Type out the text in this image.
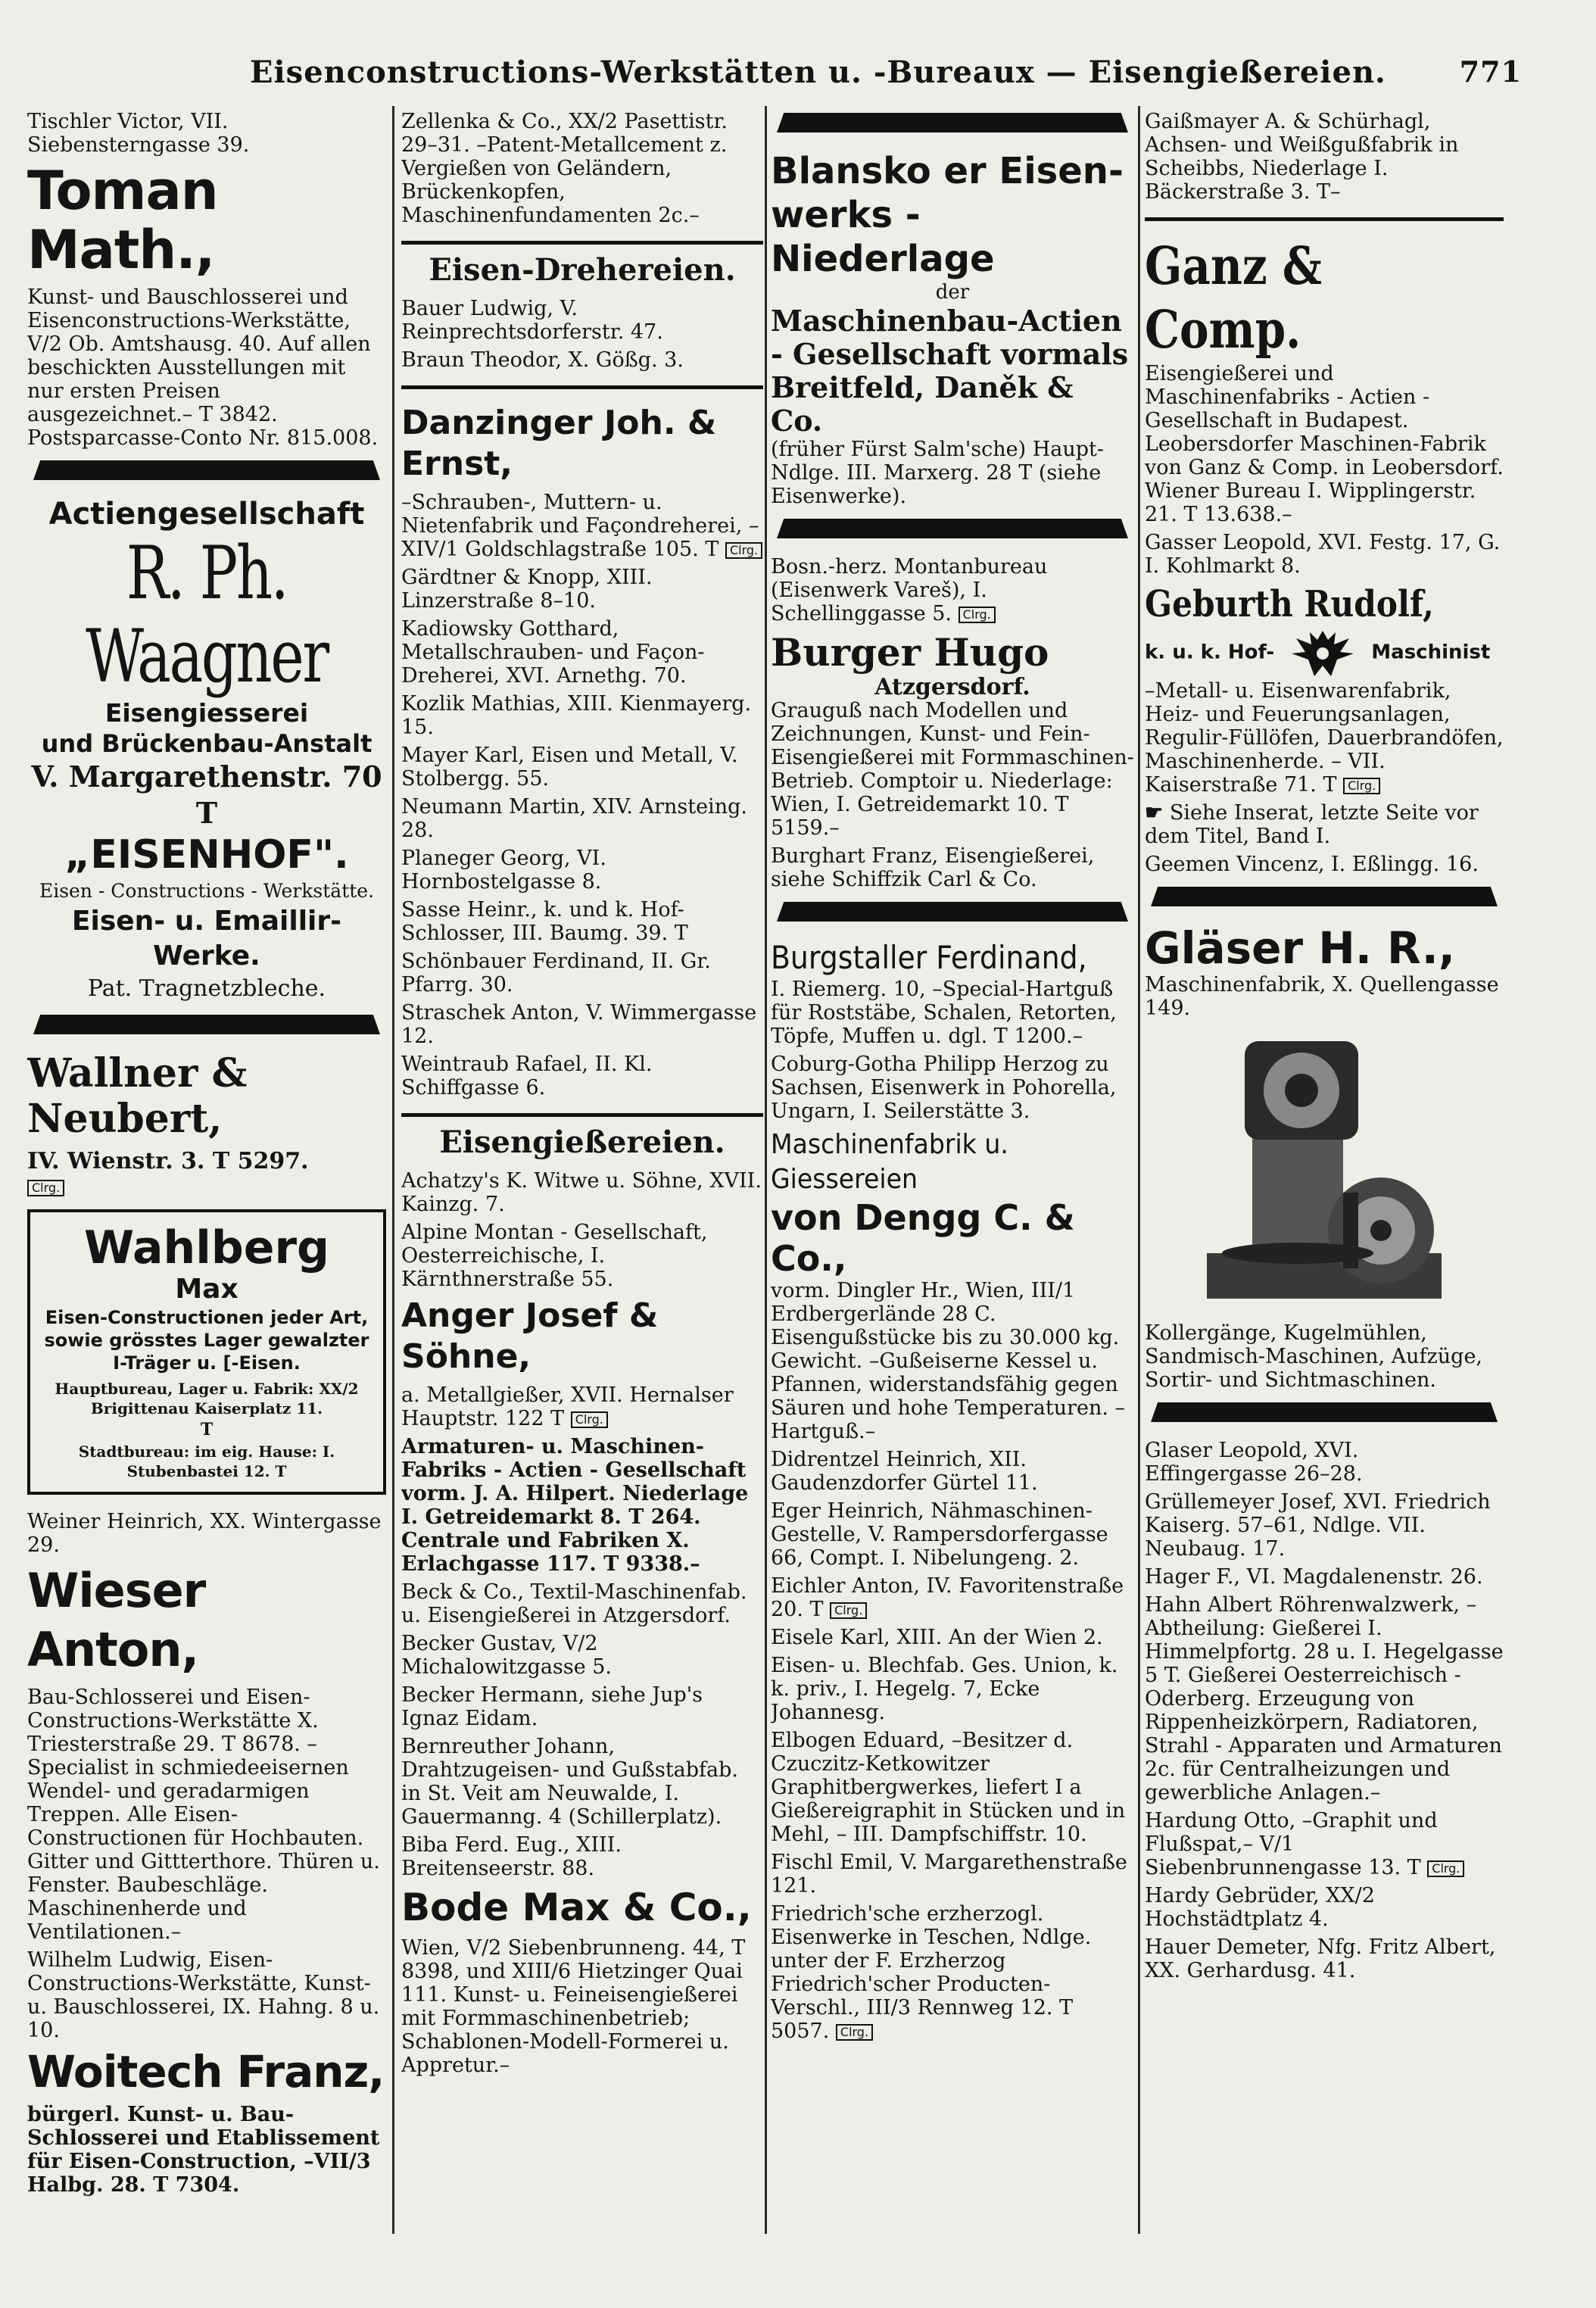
Eisenconstructions-Werkstätten u. -Bureaux — Eisengießereien.	771

Tischler Victor, VII. Siebensterngasse 39.

Toman Math.,

Kunst- und Bauschlosserei und Eisenconstructions-Werkstätte, V/2 Ob. Amtshausg. 40. Auf allen beschickten Ausstellungen mit nur ersten Preisen ausgezeichnet.– T 3842. Postsparcasse-Conto Nr. 815.008.

Actiengesellschaft
R. Ph. Waagner
Eisengiesserei
und Brückenbau-Anstalt
V. Margarethenstr. 70 T
„EISENHOF".
Eisen - Constructions - Werkstätte.
Eisen- u. Emaillir-Werke.
Pat. Tragnetzbleche.
Wallner & Neubert,
IV. Wienstr. 3. T 5297.
Clrg.
Wahlberg
Max
Eisen-Constructionen jeder Art, sowie grösstes Lager gewalzter I-Träger u. [-Eisen.
Hauptbureau, Lager u. Fabrik: XX/2 Brigittenau Kaiserplatz 11.
T
Stadtbureau: im eig. Hause: I. Stubenbastei 12. T

Weiner Heinrich, XX. Wintergasse 29.

Wieser Anton,

Bau-Schlosserei und Eisen-Constructions-Werkstätte X. Triesterstraße 29. T 8678. –Specialist in schmiedeeisernen Wendel- und geradarmigen Treppen. Alle Eisen-Constructionen für Hochbauten. Gitter und Gittterthore. Thüren u. Fenster. Baubeschläge. Maschinenherde und Ventilationen.–

Wilhelm Ludwig, Eisen-Constructions-Werkstätte, Kunst- u. Bauschlosserei, IX. Hahng. 8 u. 10.

Woitech Franz,

bürgerl. Kunst- u. Bau-Schlosserei und Etablissement für Eisen-Construction, –VII/3 Halbg. 28. T 7304.

Zellenka & Co., XX/2 Pasettistr. 29–31. –Patent-Metallcement z. Vergießen von Geländern, Brückenkopfen, Maschinenfundamenten 2c.–

Eisen-Drehereien.

Bauer Ludwig, V. Reinprechtsdorferstr. 47.

Braun Theodor, X. Gößg. 3.

Danzinger Joh. & Ernst,

–Schrauben-, Muttern- u. Nietenfabrik und Façondreherei, – XIV/1 Goldschlagstraße 105. T Clrg.

Gärdtner & Knopp, XIII. Linzerstraße 8–10.

Kadiowsky Gotthard, Metallschrauben- und Façon-Dreherei, XVI. Arnethg. 70.

Kozlik Mathias, XIII. Kienmayerg. 15.

Mayer Karl, Eisen und Metall, V. Stolbergg. 55.

Neumann Martin, XIV. Arnsteing. 28.

Planeger Georg, VI. Hornbostelgasse 8.

Sasse Heinr., k. und k. Hof-Schlosser, III. Baumg. 39. T

Schönbauer Ferdinand, II. Gr. Pfarrg. 30.

Straschek Anton, V. Wimmergasse 12.

Weintraub Rafael, II. Kl. Schiffgasse 6.

Eisengießereien.

Achatzy's K. Witwe u. Söhne, XVII. Kainzg. 7.

Alpine Montan - Gesellschaft, Oesterreichische, I. Kärnthnerstraße 55.

Anger Josef & Söhne,

a. Metallgießer, XVII. Hernalser Hauptstr. 122 T Clrg.

Armaturen- u. Maschinen-Fabriks - Actien - Gesellschaft vorm. J. A. Hilpert. Niederlage I. Getreidemarkt 8. T 264. Centrale und Fabriken X. Erlachgasse 117. T 9338.–

Beck & Co., Textil-Maschinenfab. u. Eisengießerei in Atzgersdorf.

Becker Gustav, V/2 Michalowitzgasse 5.

Becker Hermann, siehe Jup's Ignaz Eidam.

Bernreuther Johann, Drahtzugeisen- und Gußstabfab. in St. Veit am Neuwalde, I. Gauermanng. 4 (Schillerplatz).

Biba Ferd. Eug., XIII. Breitenseerstr. 88.

Bode Max & Co.,

Wien, V/2 Siebenbrunneng. 44, T 8398, und XIII/6 Hietzinger Quai 111. Kunst- u. Feineisengießerei mit Formmaschinenbetrieb; Schablonen-Modell-Formerei u. Appretur.–

Blansko er Eisen-
werks - Niederlage
der
Maschinenbau-Actien - Gesellschaft vormals Breitfeld, Daněk & Co.

(früher Fürst Salm'sche) Haupt-Ndlge. III. Marxerg. 28 T (siehe Eisenwerke).

Bosn.-herz. Montanbureau (Eisenwerk Vareš), I. Schellinggasse 5. Clrg.

Burger Hugo
Atzgersdorf.

Grauguß nach Modellen und Zeichnungen, Kunst- und Fein-Eisengießerei mit Formmaschinen-Betrieb. Comptoir u. Niederlage: Wien, I. Getreidemarkt 10. T 5159.–

Burghart Franz, Eisengießerei, siehe Schiffzik Carl & Co.

Burgstaller Ferdinand,

I. Riemerg. 10, –Special-Hartguß für Roststäbe, Schalen, Retorten, Töpfe, Muffen u. dgl. T 1200.–

Coburg-Gotha Philipp Herzog zu Sachsen, Eisenwerk in Pohorella, Ungarn, I. Seilerstätte 3.

Maschinenfabrik u. Giessereien
von Dengg C. & Co.,

vorm. Dingler Hr., Wien, III/1 Erdbergerlände 28 C. Eisengußstücke bis zu 30.000 kg. Gewicht. –Gußeiserne Kessel u. Pfannen, widerstandsfähig gegen Säuren und hohe Temperaturen. –Hartguß.–

Didrentzel Heinrich, XII. Gaudenzdorfer Gürtel 11.

Eger Heinrich, Nähmaschinen-Gestelle, V. Rampersdorfergasse 66, Compt. I. Nibelungeng. 2.

Eichler Anton, IV. Favoritenstraße 20. T Clrg.

Eisele Karl, XIII. An der Wien 2.

Eisen- u. Blechfab. Ges. Union, k. k. priv., I. Hegelg. 7, Ecke Johannesg.

Elbogen Eduard, –Besitzer d. Czuczitz-Ketkowitzer Graphitbergwerkes, liefert I a Gießereigraphit in Stücken und in Mehl, – III. Dampfschiffstr. 10.

Fischl Emil, V. Margarethenstraße 121.

Friedrich'sche erzherzogl. Eisenwerke in Teschen, Ndlge. unter der F. Erzherzog Friedrich'scher Producten-Verschl., III/3 Rennweg 12. T 5057. Clrg.

Gaißmayer A. & Schürhagl, Achsen- und Weißgußfabrik in Scheibbs, Niederlage I. Bäckerstraße 3. T–

Ganz & Comp.

Eisengießerei und Maschinenfabriks - Actien - Gesellschaft in Budapest. Leobersdorfer Maschinen-Fabrik von Ganz & Comp. in Leobersdorf. Wiener Bureau I. Wipplingerstr. 21. T 13.638.–

Gasser Leopold, XVI. Festg. 17, G. I. Kohlmarkt 8.

Geburth Rudolf,
k. u. k. Hof-	Maschinist

–Metall- u. Eisenwarenfabrik, Heiz- und Feuerungsanlagen, Regulir-Füllöfen, Dauerbrandöfen, Maschinenherde. – VII. Kaiserstraße 71. T Clrg.

☛ Siehe Inserat, letzte Seite vor dem Titel, Band I.

Geemen Vincenz, I. Eßlingg. 16.

Gläser H. R.,

Maschinenfabrik, X. Quellengasse 149.

Kollergänge, Kugelmühlen, Sandmisch-Maschinen, Aufzüge, Sortir- und Sichtmaschinen.

Glaser Leopold, XVI. Effingergasse 26–28.

Grüllemeyer Josef, XVI. Friedrich Kaiserg. 57–61, Ndlge. VII. Neubaug. 17.

Hager F., VI. Magdalenenstr. 26.

Hahn Albert Röhrenwalzwerk, –Abtheilung: Gießerei I. Himmelpfortg. 28 u. I. Hegelgasse 5 T. Gießerei Oesterreichisch - Oderberg. Erzeugung von Rippenheizkörpern, Radiatoren, Strahl - Apparaten und Armaturen 2c. für Centralheizungen und gewerbliche Anlagen.–

Hardung Otto, –Graphit und Flußspat,– V/1 Siebenbrunnengasse 13. T Clrg.

Hardy Gebrüder, XX/2 Hochstädtplatz 4.

Hauer Demeter, Nfg. Fritz Albert, XX. Gerhardusg. 41.
